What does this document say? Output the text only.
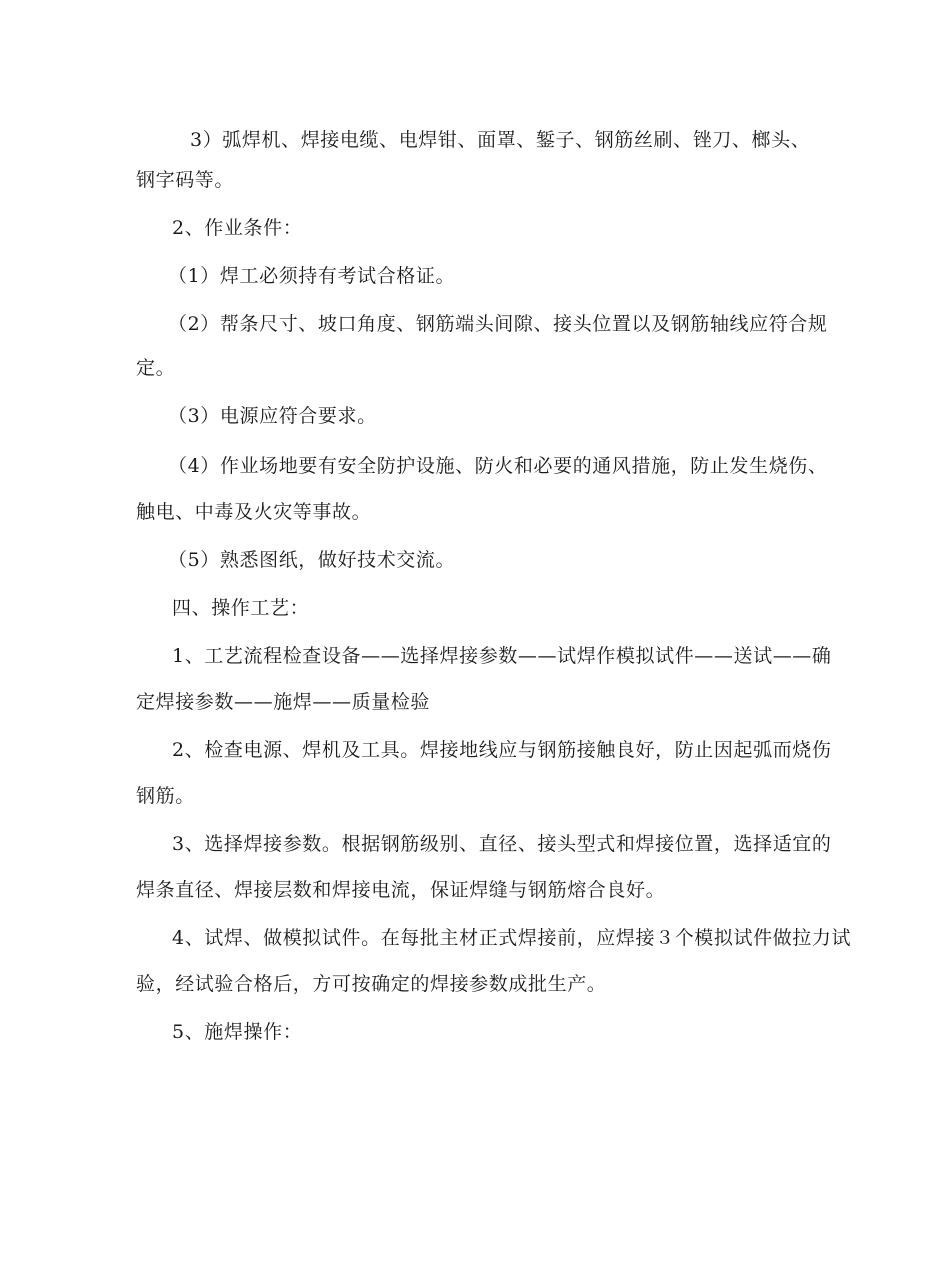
3）弧焊机、焊接电缆、电焊钳、面罩、錾子、钢筋丝刷、锉刀、榔头、
钢字码等。
2、作业条件：
（1）焊工必须持有考试合格证。
（2）帮条尺寸、坡口角度、钢筋端头间隙、接头位置以及钢筋轴线应符合规
定。
（3）电源应符合要求。
（4）作业场地要有安全防护设施、防火和必要的通风措施，防止发生烧伤、
触电、中毒及火灾等事故。
（5）熟悉图纸，做好技术交流。
四、操作工艺：
1、工艺流程检查设备——选择焊接参数——试焊作模拟试件——送试——确
定焊接参数——施焊——质量检验
2、检查电源、焊机及工具。焊接地线应与钢筋接触良好，防止因起弧而烧伤
钢筋。
3、选择焊接参数。根据钢筋级别、直径、接头型式和焊接位置，选择适宜的
焊条直径、焊接层数和焊接电流，保证焊缝与钢筋熔合良好。
4、试焊、做模拟试件。在每批主材正式焊接前，应焊接３个模拟试件做拉力试
验，经试验合格后，方可按确定的焊接参数成批生产。
5、施焊操作：
